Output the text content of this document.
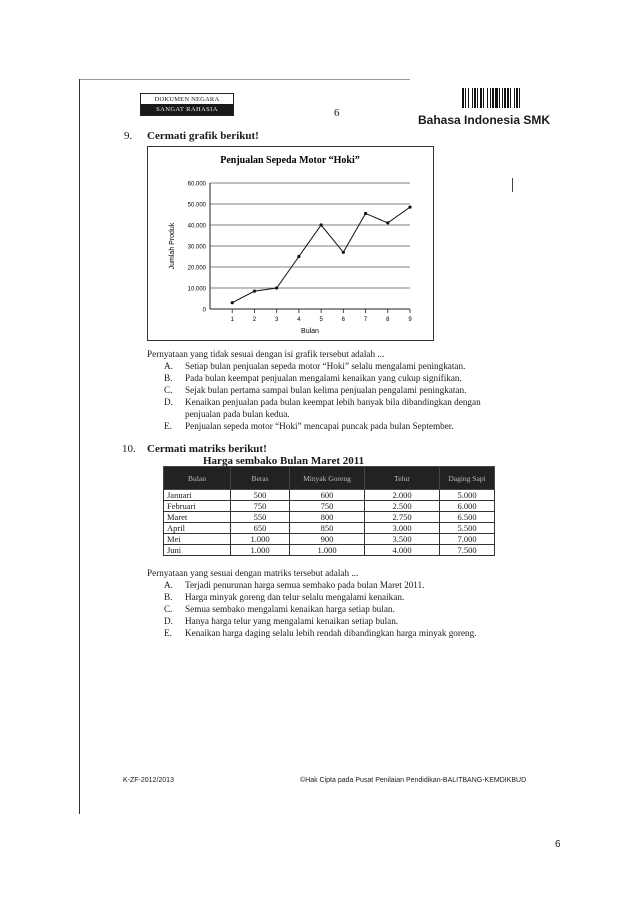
DOKUMEN NEGARA
SANGAT RAHASIA	6	Bahasa Indonesia SMK
9. Cermati grafik berikut!
Penjualan Sepeda Motor “Hoki”
0
10.000
20.000
30.000
40.000
50.000
60.000
1	2	3	4	5	6	7	8	9
Bulan
Jumlah Produk
Pernyataan yang tidak sesuai dengan isi grafik tersebut adalah ...
A.	Setiap bulan penjualan sepeda motor “Hoki” selalu mengalami peningkatan.
B.	Pada bulan keempat penjualan mengalami kenaikan yang cukup signifikan.
C.	Sejak bulan pertama sampai bulan kelima penjualan pengalami peningkatan.
D.	Kenaikan penjualan pada bulan keempat lebih banyak bila dibandingkan dengan
penjualan pada bulan kedua.
E.	Penjualan sepeda motor “Hoki” mencapai puncak pada bulan September.
10. Cermati matriks berikut!
Harga sembako Bulan Maret 2011
Bulan	Beras	Minyak Goreng	Telur	Daging Sapi
Januari	500	600	2.000	5.000
Februari	750	750	2.500	6.000
Maret	550	800	2.750	6.500
April	650	850	3.000	5.500
Mei	1.000	900	3.500	7.000
Juni	1.000	1.000	4.000	7.500
Pernyataan yang sesuai dengan matriks tersebut adalah ...
A.	Terjadi penurunan harga semua sembako pada bulan Maret 2011.
B.	Harga minyak goreng dan telur selalu mengalami kenaikan.
C.	Semua sembako mengalami kenaikan harga setiap bulan.
D.	Hanya harga telur yang mengalami kenaikan setiap bulan.
E.	Kenaikan harga daging selalu lebih rendah dibandingkan harga minyak goreng.
K-ZF-2012/2013	©Hak Cipta pada Pusat Penilaian Pendidikan-BALITBANG-KEMDIKBUD
6
